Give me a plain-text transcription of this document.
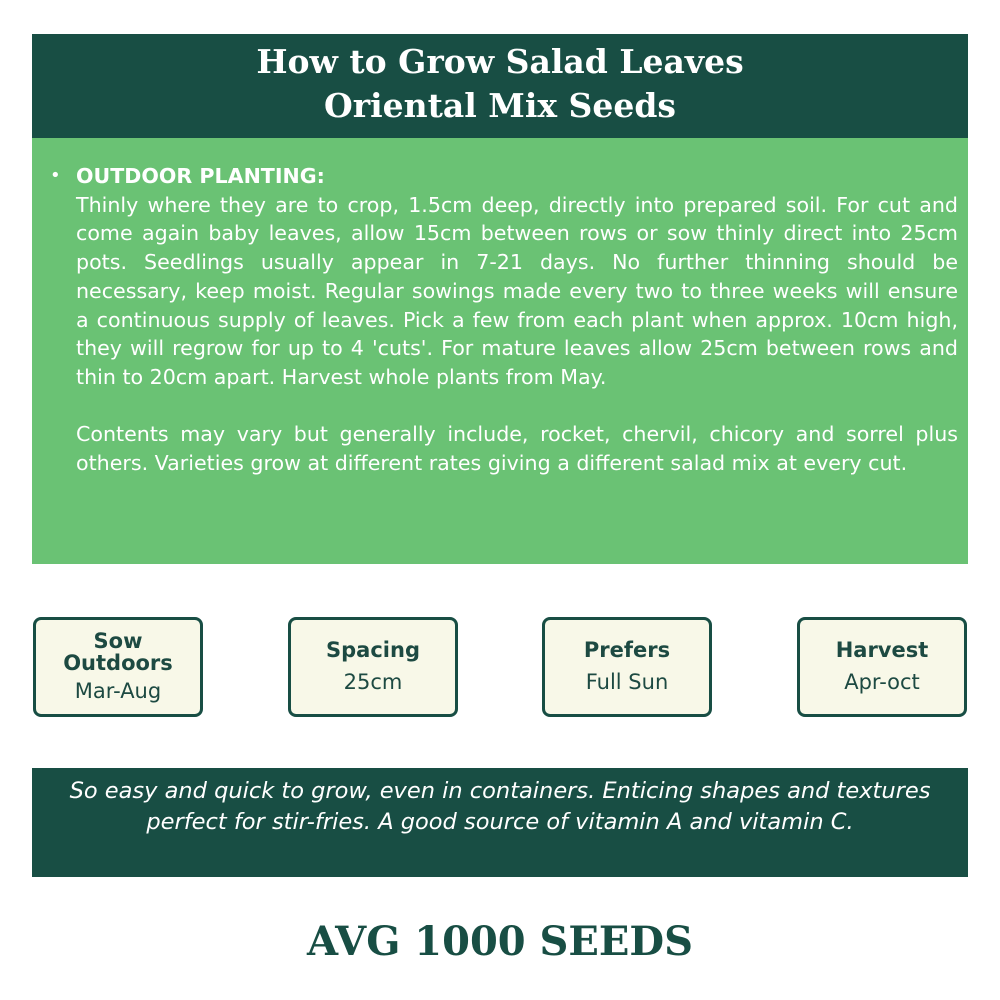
How to Grow Salad Leaves
Oriental Mix Seeds
• OUTDOOR PLANTING:
Thinly where they are to crop, 1.5cm deep, directly into prepared soil. For cut and come again baby leaves, allow 15cm between rows or sow thinly direct into 25cm pots. Seedlings usually appear in 7-21 days. No further thinning should be necessary, keep moist. Regular sowings made every two to three weeks will ensure a continuous supply of leaves. Pick a few from each plant when approx. 10cm high, they will regrow for up to 4 'cuts'. For mature leaves allow 25cm between rows and thin to 20cm apart. Harvest whole plants from May.
Contents may vary but generally include, rocket, chervil, chicory and sorrel plus others. Varieties grow at different rates giving a different salad mix at every cut.
Sow
Outdoors
Mar-Aug
Spacing
25cm
Prefers
Full Sun
Harvest
Apr-oct
So easy and quick to grow, even in containers. Enticing shapes and textures perfect for stir-fries. A good source of vitamin A and vitamin C.
AVG 1000 SEEDS
